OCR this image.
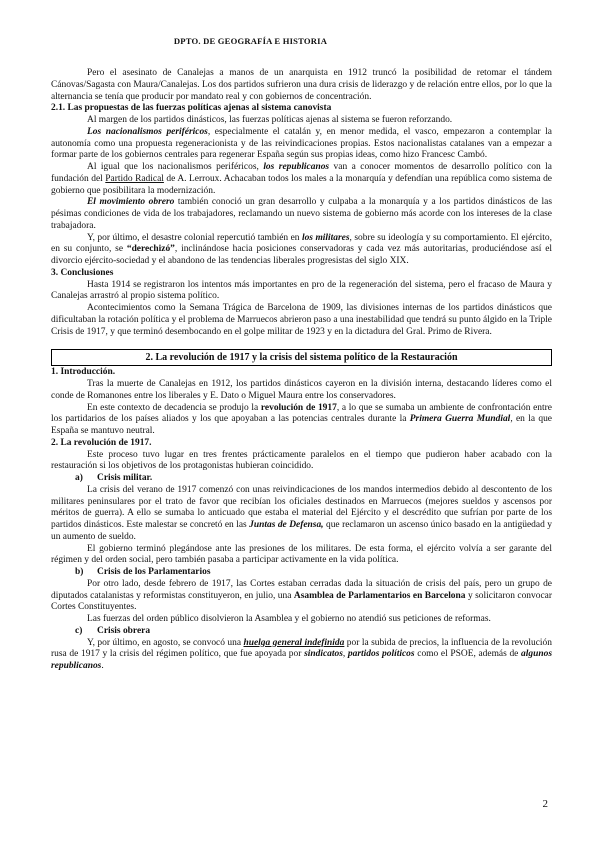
DPTO. DE GEOGRAFÍA E HISTORIA

Pero el asesinato de Canalejas a manos de un anarquista en 1912 truncó la posibilidad de retomar el tándem Cánovas/Sagasta con Maura/Canalejas. Los dos partidos sufrieron una dura crisis de liderazgo y de relación entre ellos, por lo que la alternancia se tenía que producir por mandato real y con gobiernos de concentración.

2.1. Las propuestas de las fuerzas políticas ajenas al sistema canovista

Al margen de los partidos dinásticos, las fuerzas políticas ajenas al sistema se fueron reforzando.

Los nacionalismos periféricos, especialmente el catalán y, en menor medida, el vasco, empezaron a contemplar la autonomía como una propuesta regeneracionista y de las reivindicaciones propias. Estos nacionalistas catalanes van a empezar a formar parte de los gobiernos centrales para regenerar España según sus propias ideas, como hizo Francesc Cambó.

Al igual que los nacionalismos periféricos, los republicanos van a conocer momentos de desarrollo político con la fundación del Partido Radical de A. Lerroux. Achacaban todos los males a la monarquía y defendían una república como sistema de gobierno que posibilitara la modernización.

El movimiento obrero también conoció un gran desarrollo y culpaba a la monarquía y a los partidos dinásticos de las pésimas condiciones de vida de los trabajadores, reclamando un nuevo sistema de gobierno más acorde con los intereses de la clase trabajadora.

Y, por último, el desastre colonial repercutió también en los militares, sobre su ideología y su comportamiento. El ejército, en su conjunto, se “derechizó”, inclinándose hacia posiciones conservadoras y cada vez más autoritarias, produciéndose así el divorcio ejército-sociedad y el abandono de las tendencias liberales progresistas del siglo XIX.

3. Conclusiones

Hasta 1914 se registraron los intentos más importantes en pro de la regeneración del sistema, pero el fracaso de Maura y Canalejas arrastró al propio sistema político.

Acontecimientos como la Semana Trágica de Barcelona de 1909, las divisiones internas de los partidos dinásticos que dificultaban la rotación política y el problema de Marruecos abrieron paso a una inestabilidad que tendrá su punto álgido en la Triple Crisis de 1917, y que terminó desembocando en el golpe militar de 1923 y en la dictadura del Gral. Primo de Rivera.

2. La revolución de 1917 y la crisis del sistema político de la Restauración
1. Introducción.

Tras la muerte de Canalejas en 1912, los partidos dinásticos cayeron en la división interna, destacando líderes como el conde de Romanones entre los liberales y E. Dato o Miguel Maura entre los conservadores.

En este contexto de decadencia se produjo la revolución de 1917, a lo que se sumaba un ambiente de confrontación entre los partidarios de los países aliados y los que apoyaban a las potencias centrales durante la Primera Guerra Mundial, en la que España se mantuvo neutral.

2. La revolución de 1917.

Este proceso tuvo lugar en tres frentes prácticamente paralelos en el tiempo que pudieron haber acabado con la restauración si los objetivos de los protagonistas hubieran coincidido.

a) Crisis militar.

La crisis del verano de 1917 comenzó con unas reivindicaciones de los mandos intermedios debido al descontento de los militares peninsulares por el trato de favor que recibían los oficiales destinados en Marruecos (mejores sueldos y ascensos por méritos de guerra). A ello se sumaba lo anticuado que estaba el material del Ejército y el descrédito que sufrían por parte de los partidos dinásticos. Este malestar se concretó en las Juntas de Defensa, que reclamaron un ascenso único basado en la antigüedad y un aumento de sueldo.

El gobierno terminó plegándose ante las presiones de los militares. De esta forma, el ejército volvía a ser garante del régimen y del orden social, pero también pasaba a participar activamente en la vida política.

b) Crisis de los Parlamentarios

Por otro lado, desde febrero de 1917, las Cortes estaban cerradas dada la situación de crisis del país, pero un grupo de diputados catalanistas y reformistas constituyeron, en julio, una Asamblea de Parlamentarios en Barcelona y solicitaron convocar Cortes Constituyentes.

Las fuerzas del orden público disolvieron la Asamblea y el gobierno no atendió sus peticiones de reformas.

c) Crisis obrera

Y, por último, en agosto, se convocó una huelga general indefinida por la subida de precios, la influencia de la revolución rusa de 1917 y la crisis del régimen político, que fue apoyada por sindicatos, partidos políticos como el PSOE, además de algunos republicanos.

2
